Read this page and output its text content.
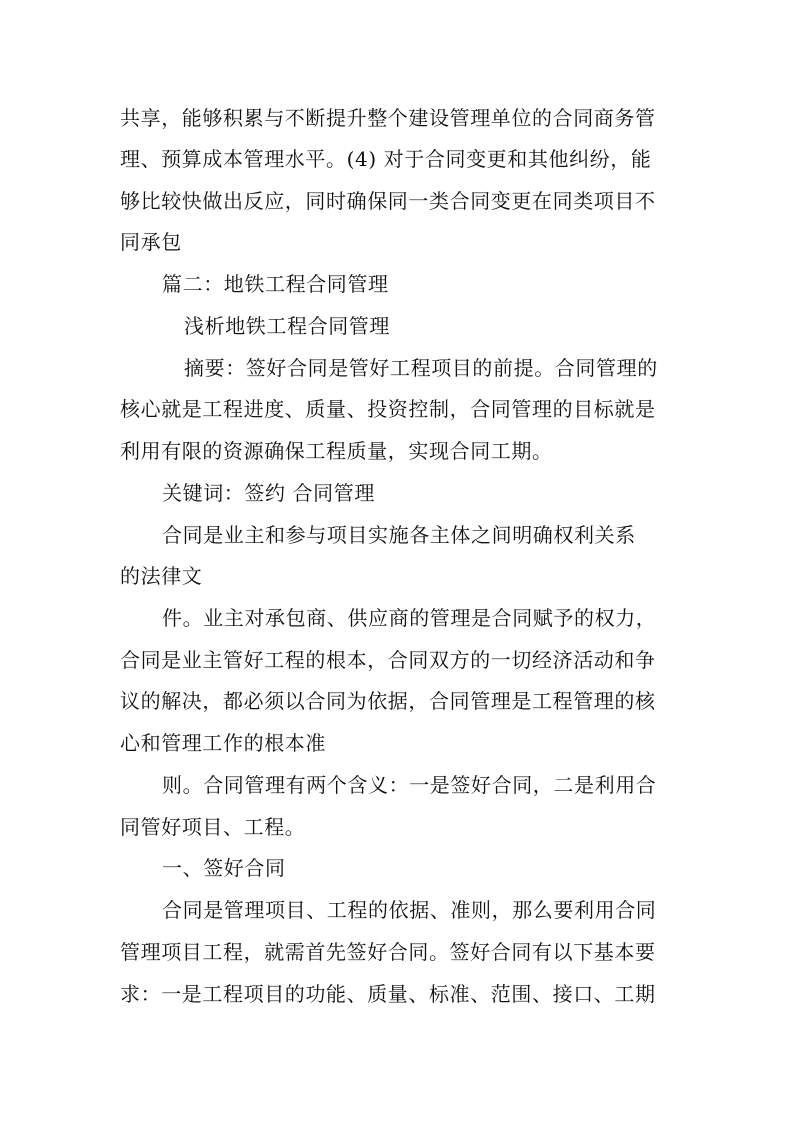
共享，能够积累与不断提升整个建设管理单位的合同商务管
理、预算成本管理水平。(4) 对于合同变更和其他纠纷，能
够比较快做出反应，同时确保同一类合同变更在同类项目不
同承包
篇二：地铁工程合同管理
浅析地铁工程合同管理
摘要：签好合同是管好工程项目的前提。合同管理的
核心就是工程进度、质量、投资控制，合同管理的目标就是
利用有限的资源确保工程质量，实现合同工期。
关键词：签约 合同管理
合同是业主和参与项目实施各主体之间明确权利关系
的法律文
件。业主对承包商、供应商的管理是合同赋予的权力，
合同是业主管好工程的根本，合同双方的一切经济活动和争
议的解决，都必须以合同为依据，合同管理是工程管理的核
心和管理工作的根本准
则。合同管理有两个含义：一是签好合同，二是利用合
同管好项目、工程。
一、签好合同
合同是管理项目、工程的依据、准则，那么要利用合同
管理项目工程，就需首先签好合同。签好合同有以下基本要
求：一是工程项目的功能、质量、标准、范围、接口、工期
